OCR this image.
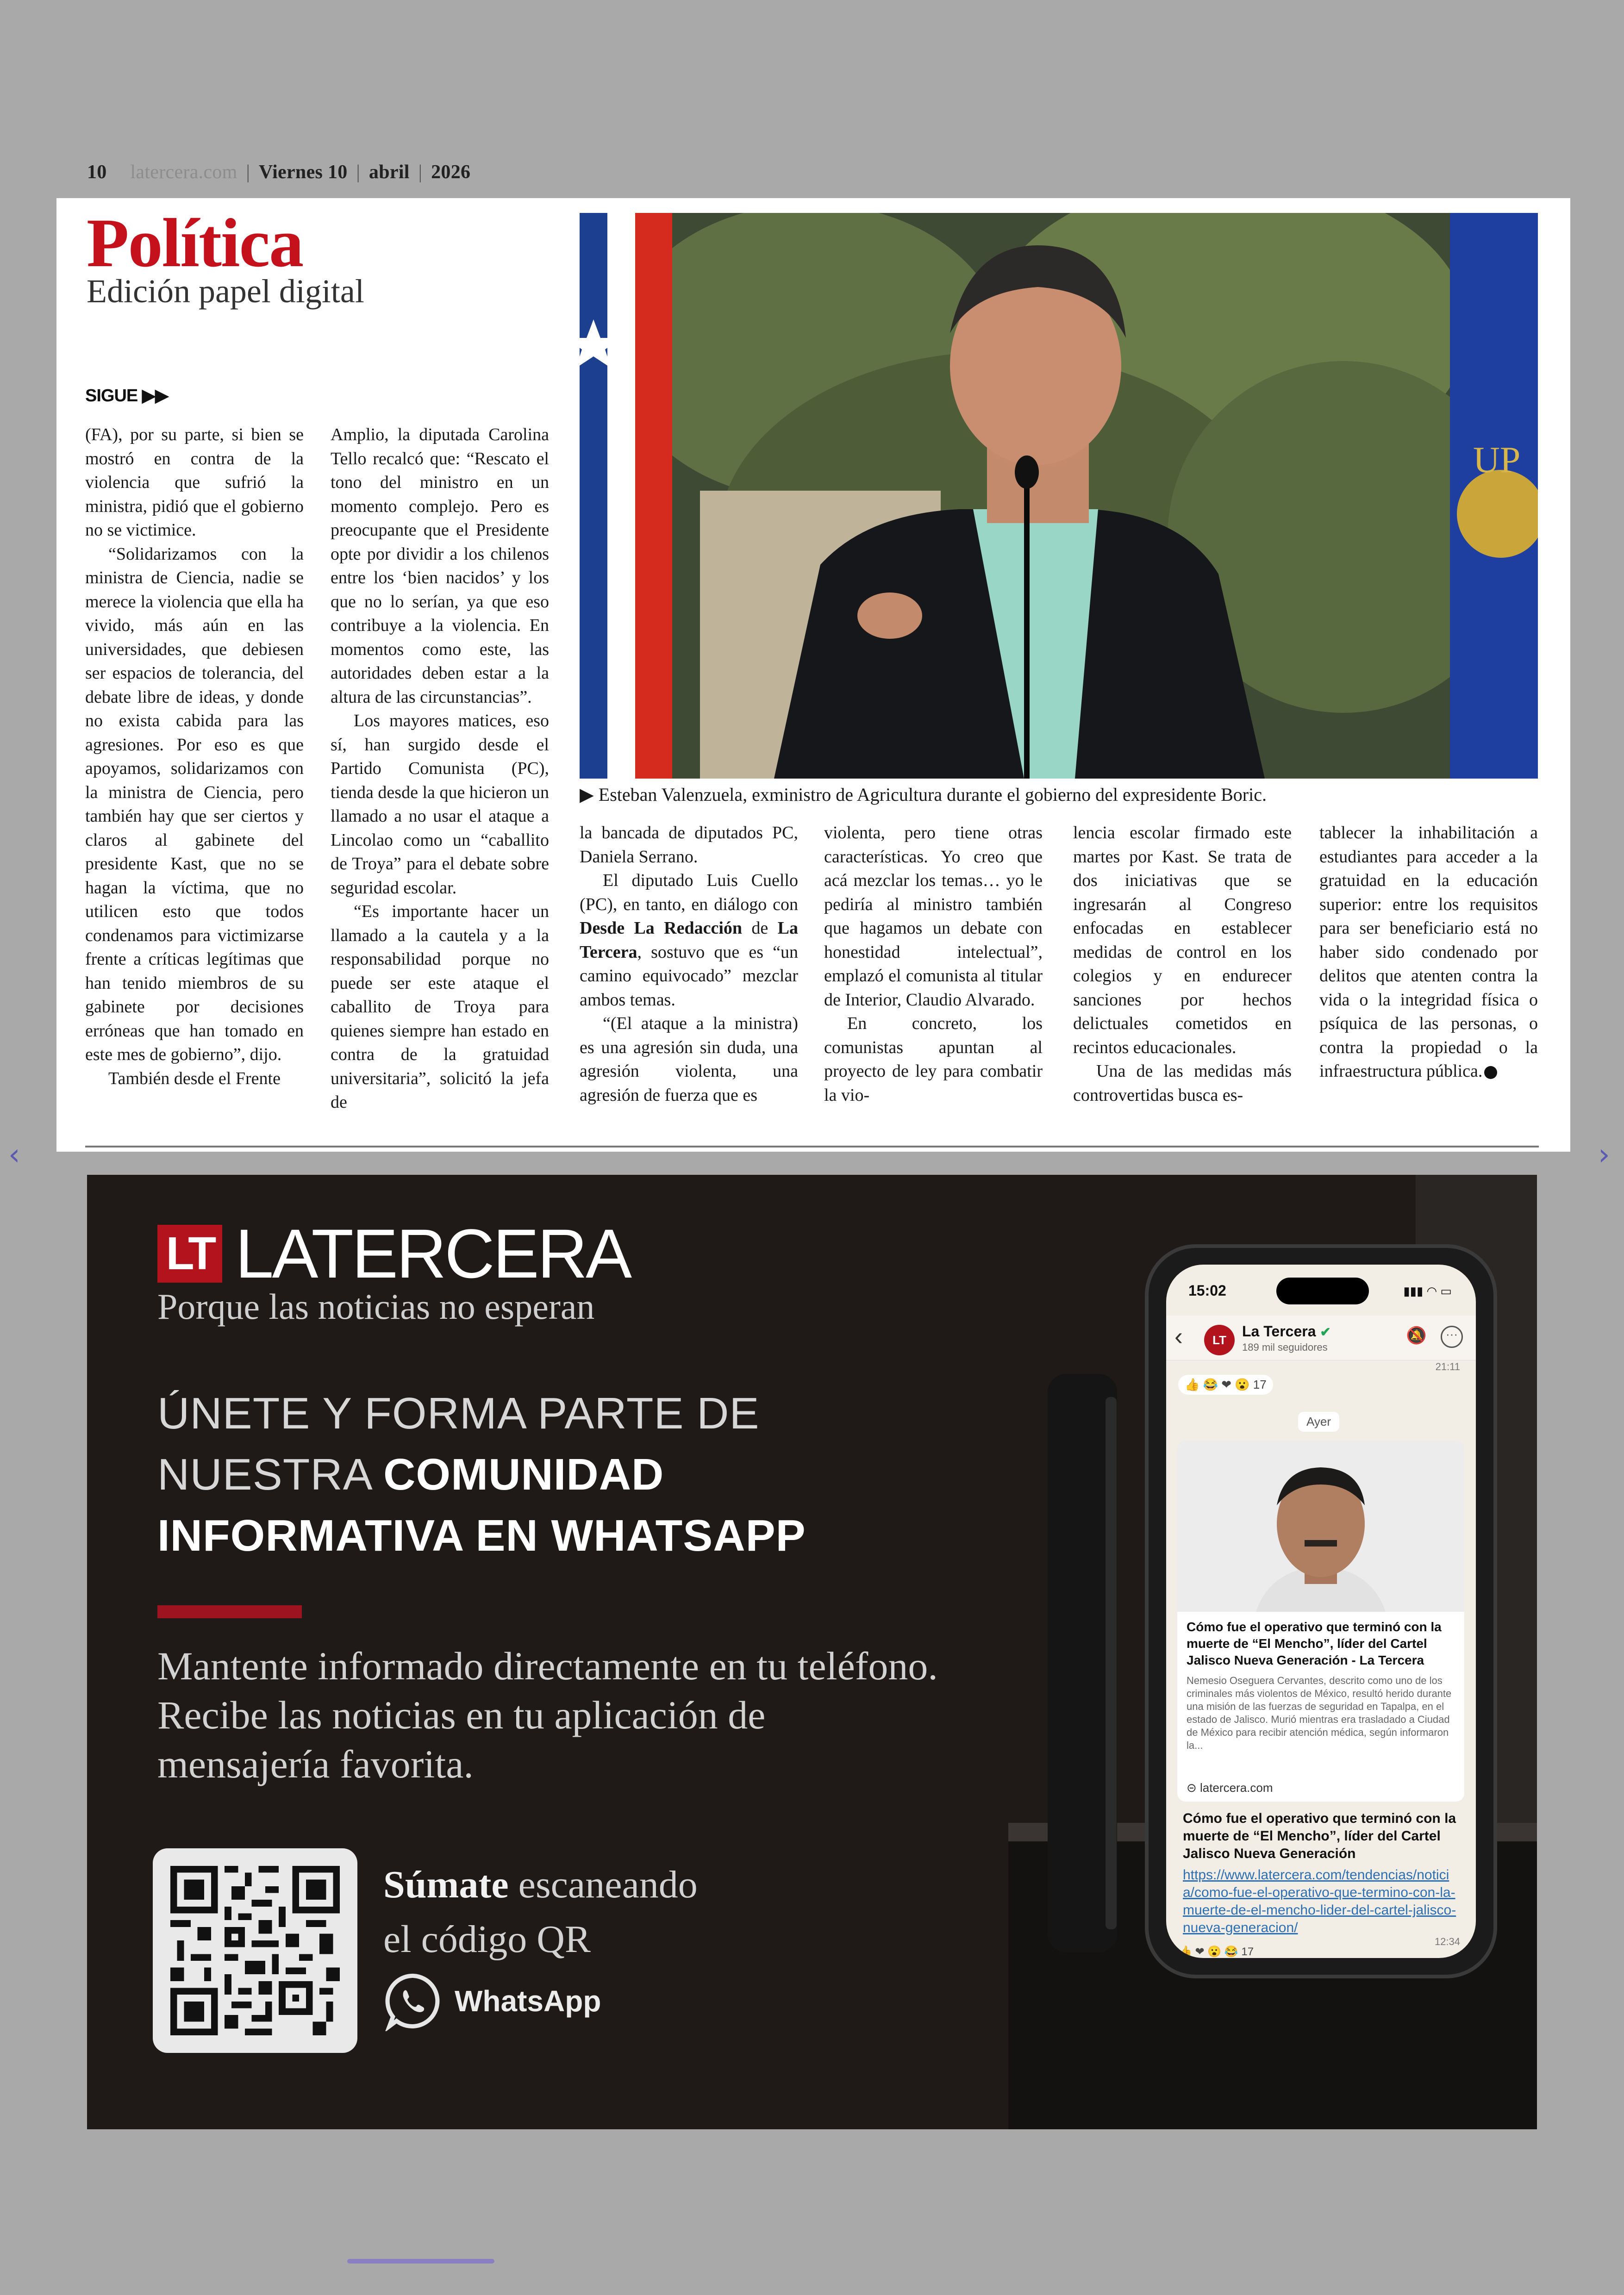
10 latercera.com | Viernes 10 | abril | 2026
Política
Edición papel digital
SIGUE ▶▶

(FA), por su parte, si bien se mostró en contra de la violencia que sufrió la ministra, pidió que el gobierno no se victimice.

“Solidarizamos con la ministra de Ciencia, nadie se merece la violencia que ella ha vivido, más aún en las universidades, que debiesen ser espacios de tolerancia, del debate libre de ideas, y donde no exista cabida para las agresiones. Por eso es que apoyamos, solidarizamos con la ministra de Ciencia, pero también hay que ser ciertos y claros al gabinete del presidente Kast, que no se hagan la víctima, que no utilicen esto que todos condenamos para victimizarse frente a críticas legítimas que han tenido miembros de su gabinete por decisiones erróneas que han tomado en este mes de gobierno”, dijo.

También desde el Frente

Amplio, la diputada Carolina Tello recalcó que: “Rescato el tono del ministro en un momento complejo. Pero es preocupante que el Presidente opte por dividir a los chilenos entre los ‘bien nacidos’ y los que no lo serían, ya que eso contribuye a la violencia. En momentos como este, las autoridades deben estar a la altura de las circunstancias”.

Los mayores matices, eso sí, han surgido desde el Partido Comunista (PC), tienda desde la que hicieron un llamado a no usar el ataque a Lincolao como un “caballito de Troya” para el debate sobre seguridad escolar.

“Es importante hacer un llamado a la cautela y a la responsabilidad porque no puede ser este ataque el caballito de Troya para quienes siempre han estado en contra de la gratuidad universitaria”, solicitó la jefa de

UP
▶ Esteban Valenzuela, exministro de Agricultura durante el gobierno del expresidente Boric.

la bancada de diputados PC, Daniela Serrano.

El diputado Luis Cuello (PC), en tanto, en diálogo con Desde La Redacción de La Tercera, sostuvo que es “un camino equivocado” mezclar ambos temas.

“(El ataque a la ministra) es una agresión sin duda, una agresión violenta, una agresión de fuerza que es

violenta, pero tiene otras características. Yo creo que acá mezclar los temas… yo le pediría al ministro también que hagamos un debate con honestidad intelectual”, emplazó el comunista al titular de Interior, Claudio Alvarado.

En concreto, los comunistas apuntan al proyecto de ley para combatir la vio-

lencia escolar firmado este martes por Kast. Se trata de dos iniciativas que se ingresarán al Congreso enfocadas en establecer medidas de control en los colegios y en endurecer sanciones por hechos delictuales cometidos en recintos educacionales.

Una de las medidas más controvertidas busca es-

tablecer la inhabilitación a estudiantes para acceder a la gratuidad en la educación superior: entre los requisitos para ser beneficiario está no haber sido condenado por delitos que atenten contra la vida o la integridad física o psíquica de las personas, o contra la propiedad o la infraestructura pública.

LT LATERCERA
Porque las noticias no esperan
ÚNETE Y FORMA PARTE DE
NUESTRA COMUNIDAD
INFORMATIVA EN WHATSAPP
Mantente informado directamente en tu teléfono. Recibe las noticias en tu aplicación de mensajería favorita.
Súmate escaneando
el código QR
WhatsApp
15:02	▮▮▮ ◠ ▭
‹	LT
La Tercera ✔
189 mil seguidores
🔕	···
21:11
👍 😂 ❤ 😮 17
Ayer
Cómo fue el operativo que terminó con la muerte de “El Mencho”, líder del Cartel Jalisco Nueva Generación - La Tercera
Nemesio Oseguera Cervantes, descrito como uno de los criminales más violentos de México, resultó herido durante una misión de las fuerzas de seguridad en Tapalpa, en el estado de Jalisco. Murió mientras era trasladado a Ciudad de México para recibir atención médica, según informaron la...
⊝ latercera.com
Cómo fue el operativo que terminó con la muerte de “El Mencho”, líder del Cartel Jalisco Nueva Generación
https://www.latercera.com/tendencias/noticia/como-fue-el-operativo-que-termino-con-la-muerte-de-el-mencho-lider-del-cartel-jalisco-nueva-generacion/
12:34
👍 ❤ 😮 😂 17
‹	›
